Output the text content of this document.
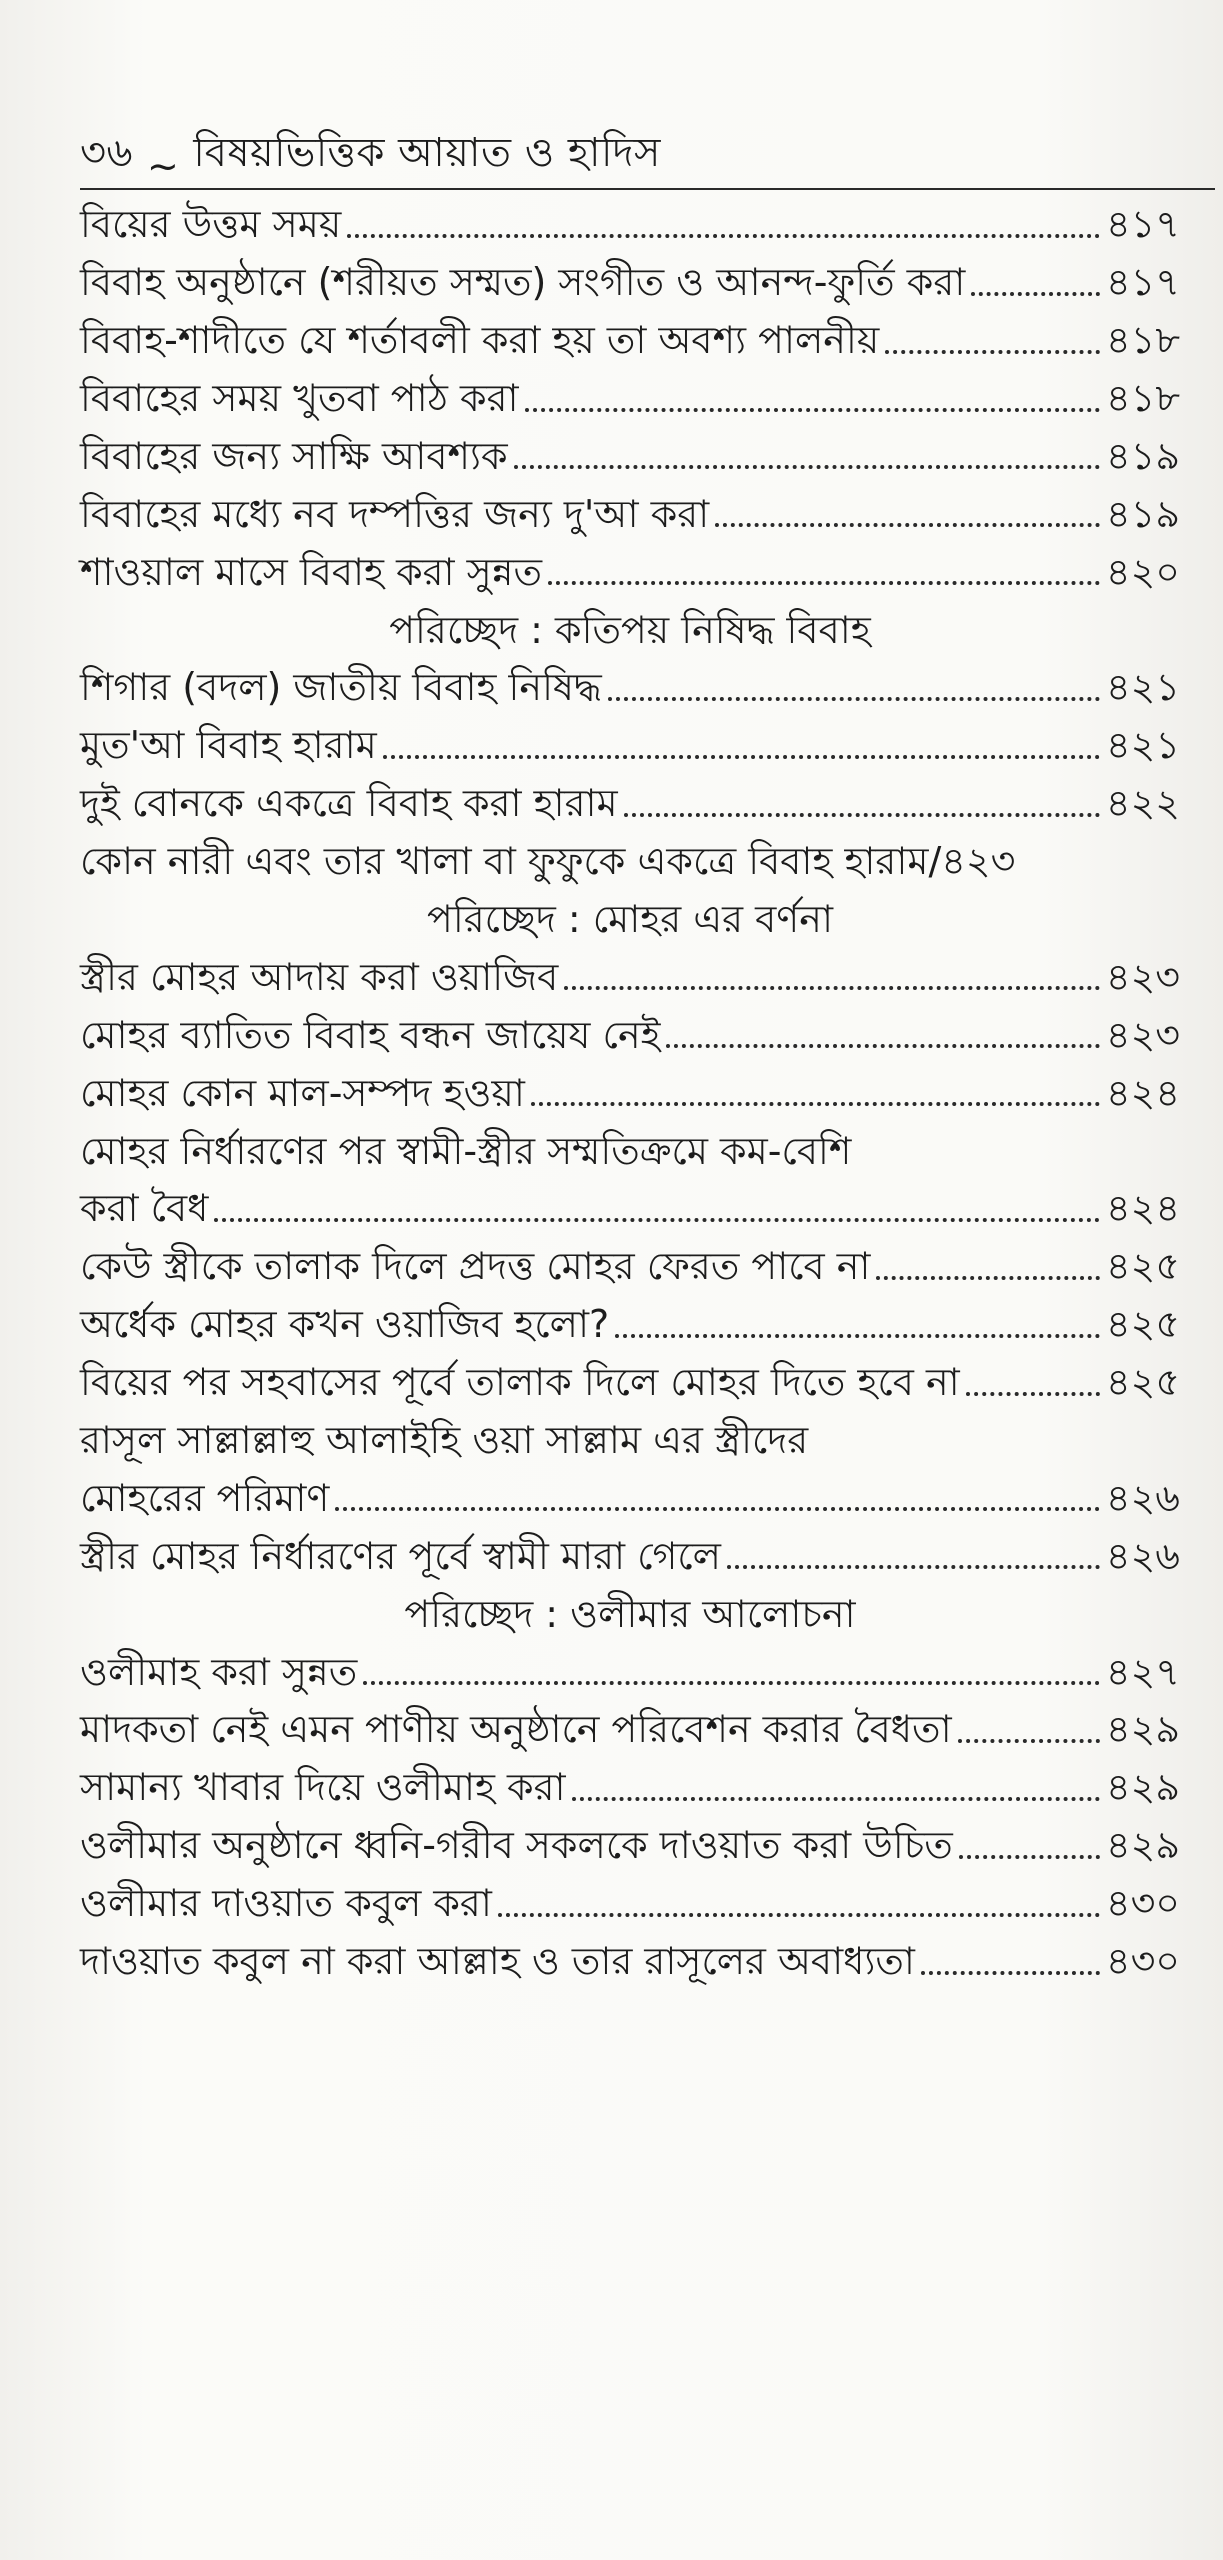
৩৬ ~ বিষয়ভিত্তিক আয়াত ও হাদিস
বিয়ের উত্তম সময়	৪১৭
বিবাহ অনুষ্ঠানে (শরীয়ত সম্মত) সংগীত ও আনন্দ-ফুর্তি করা	৪১৭
বিবাহ-শাদীতে যে শর্তাবলী করা হয় তা অবশ্য পালনীয়	৪১৮
বিবাহের সময় খুতবা পাঠ করা	৪১৮
বিবাহের জন্য সাক্ষি আবশ্যক	৪১৯
বিবাহের মধ্যে নব দম্পত্তির জন্য দু'আ করা	৪১৯
শাওয়াল মাসে বিবাহ করা সুন্নত	৪২০
পরিচ্ছেদ : কতিপয় নিষিদ্ধ বিবাহ
শিগার (বদল) জাতীয় বিবাহ নিষিদ্ধ	৪২১
মুত'আ বিবাহ হারাম	৪২১
দুই বোনকে একত্রে বিবাহ করা হারাম	৪২২
কোন নারী এবং তার খালা বা ফুফুকে একত্রে বিবাহ হারাম/৪২৩
পরিচ্ছেদ : মোহর এর বর্ণনা
স্ত্রীর মোহর আদায় করা ওয়াজিব	৪২৩
মোহর ব্যাতিত বিবাহ বন্ধন জায়েয নেই	৪২৩
মোহর কোন মাল-সম্পদ হওয়া	৪২৪
মোহর নির্ধারণের পর স্বামী-স্ত্রীর সম্মতিক্রমে কম-বেশি
করা বৈধ	৪২৪
কেউ স্ত্রীকে তালাক দিলে প্রদত্ত মোহর ফেরত পাবে না	৪২৫
অর্ধেক মোহর কখন ওয়াজিব হলো?	৪২৫
বিয়ের পর সহবাসের পূর্বে তালাক দিলে মোহর দিতে হবে না	৪২৫
রাসূল সাল্লাল্লাহু আলাইহি ওয়া সাল্লাম এর স্ত্রীদের
মোহরের পরিমাণ	৪২৬
স্ত্রীর মোহর নির্ধারণের পূর্বে স্বামী মারা গেলে	৪২৬
পরিচ্ছেদ : ওলীমার আলোচনা
ওলীমাহ করা সুন্নত	৪২৭
মাদকতা নেই এমন পাণীয় অনুষ্ঠানে পরিবেশন করার বৈধতা	৪২৯
সামান্য খাবার দিয়ে ওলীমাহ করা	৪২৯
ওলীমার অনুষ্ঠানে ধ্বনি-গরীব সকলকে দাওয়াত করা উচিত	৪২৯
ওলীমার দাওয়াত কবুল করা	৪৩০
দাওয়াত কবুল না করা আল্লাহ ও তার রাসূলের অবাধ্যতা	৪৩০
